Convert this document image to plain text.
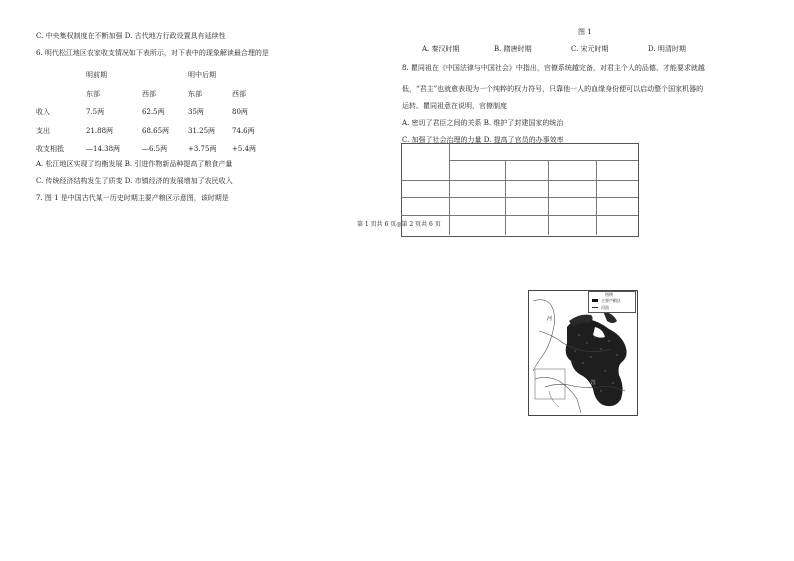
C. 中央集权制度在不断加强 D. 古代地方行政设置具有延续性
6. 明代松江地区农家收支情况如下表所示，对下表中的现象解读最合理的是
明前期	明中后期
东部	西部	东部	西部
收入	7.5两	62.5两	35两	80两
支出	21.88两	68.65两	31.25两 74.6两
收支相抵	—14.38两	—6.5两	+3.75两 +5.4两
A. 松江地区实现了均衡发展 B. 引进作物新品种提高了粮食产量
C. 传统经济结构发生了质变 D. 市镇经济的发展增加了农民收入
7. 图 1 是中国古代某一历史时期主要产粮区示意图，该时期是
图 1
A. 秦汉时期	B. 隋唐时期	C. 宋元时期	D. 明清时期
8. 瞿同祖在《中国法律与中国社会》中指出，官僚系统越完备，对君主个人的品德、才能要求就越
低，“君主”也就愈表现为一个纯粹的权力符号，只靠他一人的血缘身份便可以启动整个国家机器的
运转。瞿同祖意在说明，官僚制度
A. 密切了君臣之间的关系 B. 维护了封建国家的统治
C. 加强了社会治理的力量 D. 提高了官员的办事效率
第 1 页共 6 页◎第 2 页共 6 页
河
江
图例
主要产粮区
河流
